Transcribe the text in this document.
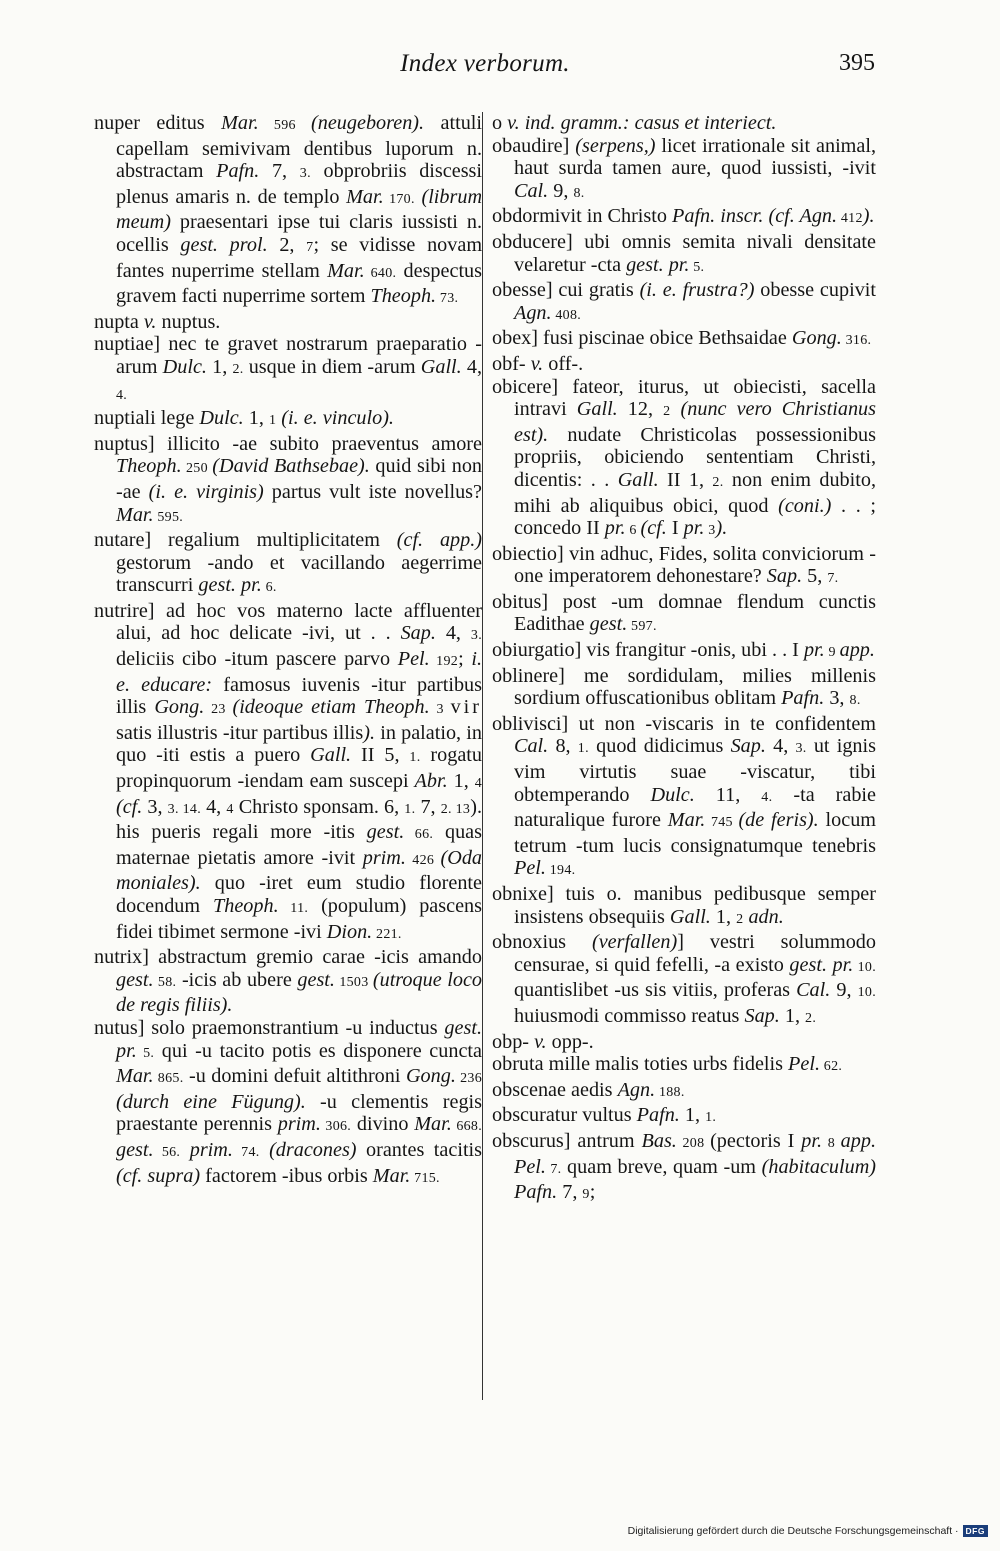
Index verborum.	395

nuper editus Mar. 596 (neugeboren). attuli capellam semivivam dentibus luporum n. abstractam Pafn. 7, 3. obprobriis discessi plenus amaris n. de templo Mar. 170. (librum meum) praesentari ipse tui claris iussisti n. ocellis gest. prol. 2, 7; se vidisse novam fantes nuperrime stellam Mar. 640. despectus gravem facti nuperrime sortem Theoph. 73.

nupta v. nuptus.

nuptiae] nec te gravet nostrarum praeparatio -arum Dulc. 1, 2. usque in diem -arum Gall. 4, 4.

nuptiali lege Dulc. 1, 1 (i. e. vinculo).

nuptus] illicito -ae subito praeventus amore Theoph. 250 (David Bathsebae). quid sibi non -ae (i. e. virginis) partus vult iste novellus? Mar. 595.

nutare] regalium multiplicitatem (cf. app.) gestorum -ando et vacillando aegerrime transcurri gest. pr. 6.

nutrire] ad hoc vos materno lacte affluenter alui, ad hoc delicate -ivi, ut . . Sap. 4, 3. deliciis cibo -itum pascere parvo Pel. 192; i. e. educare: famosus iuvenis -itur partibus illis Gong. 23 (ideoque etiam Theoph. 3 vir satis illustris -itur partibus illis). in palatio, in quo -iti estis a puero Gall. II 5, 1. rogatu propinquorum -iendam eam suscepi Abr. 1, 4 (cf. 3, 3. 14. 4, 4 Christo sponsam. 6, 1. 7, 2. 13). his pueris regali more -itis gest. 66. quas maternae pietatis amore -ivit prim. 426 (Oda moniales). quo -iret eum studio florente docendum Theoph. 11. (populum) pascens fidei tibimet sermone -ivi Dion. 221.

nutrix] abstractum gremio carae -icis amando gest. 58. -icis ab ubere gest. 1503 (utroque loco de regis filiis).

nutus] solo praemonstrantium -u inductus gest. pr. 5. qui -u tacito potis es disponere cuncta Mar. 865. -u domini defuit altithroni Gong. 236 (durch eine Fügung). -u clementis regis praestante perennis prim. 306. divino Mar. 668. gest. 56. prim. 74. (dracones) orantes tacitis (cf. supra) factorem -ibus orbis Mar. 715.

o v. ind. gramm.: casus et interiect.

obaudire] (serpens,) licet irrationale sit animal, haut surda tamen aure, quod iussisti, -ivit Cal. 9, 8.

obdormivit in Christo Pafn. inscr. (cf. Agn. 412).

obducere] ubi omnis semita nivali densitate velaretur -cta gest. pr. 5.

obesse] cui gratis (i. e. frustra?) obesse cupivit Agn. 408.

obex] fusi piscinae obice Bethsaidae Gong. 316.

obf- v. off-.

obicere] fateor, iturus, ut obiecisti, sacella intravi Gall. 12, 2 (nunc vero Christianus est). nudate Christicolas possessionibus propriis, obiciendo sententiam Christi, dicentis: . . Gall. II 1, 2. non enim dubito, mihi ab aliquibus obici, quod (coni.) . . ; concedo II pr. 6 (cf. I pr. 3).

obiectio] vin adhuc, Fides, solita conviciorum -one imperatorem dehonestare? Sap. 5, 7.

obitus] post -um domnae flendum cunctis Eadithae gest. 597.

obiurgatio] vis frangitur -onis, ubi . . I pr. 9 app.

oblinere] me sordidulam, milies millenis sordium offuscationibus oblitam Pafn. 3, 8.

oblivisci] ut non -viscaris in te confidentem Cal. 8, 1. quod didicimus Sap. 4, 3. ut ignis vim virtutis suae -viscatur, tibi obtemperando Dulc. 11, 4. -ta rabie naturalique furore Mar. 745 (de feris). locum tetrum -tum lucis consignatumque tenebris Pel. 194.

obnixe] tuis o. manibus pedibusque semper insistens obsequiis Gall. 1, 2 adn.

obnoxius (verfallen)] vestri solummodo censurae, si quid fefelli, -a existo gest. pr. 10. quantislibet -us sis vitiis, proferas Cal. 9, 10. huiusmodi commisso reatus Sap. 1, 2.

obp- v. opp-.

obruta mille malis toties urbs fidelis Pel. 62.

obscenae aedis Agn. 188.

obscuratur vultus Pafn. 1, 1.

obscurus] antrum Bas. 208 (pectoris I pr. 8 app. Pel. 7. quam breve, quam -um (habitaculum) Pafn. 7, 9;

Digitalisierung gefördert durch die Deutsche Forschungsgemeinschaft · DFG
